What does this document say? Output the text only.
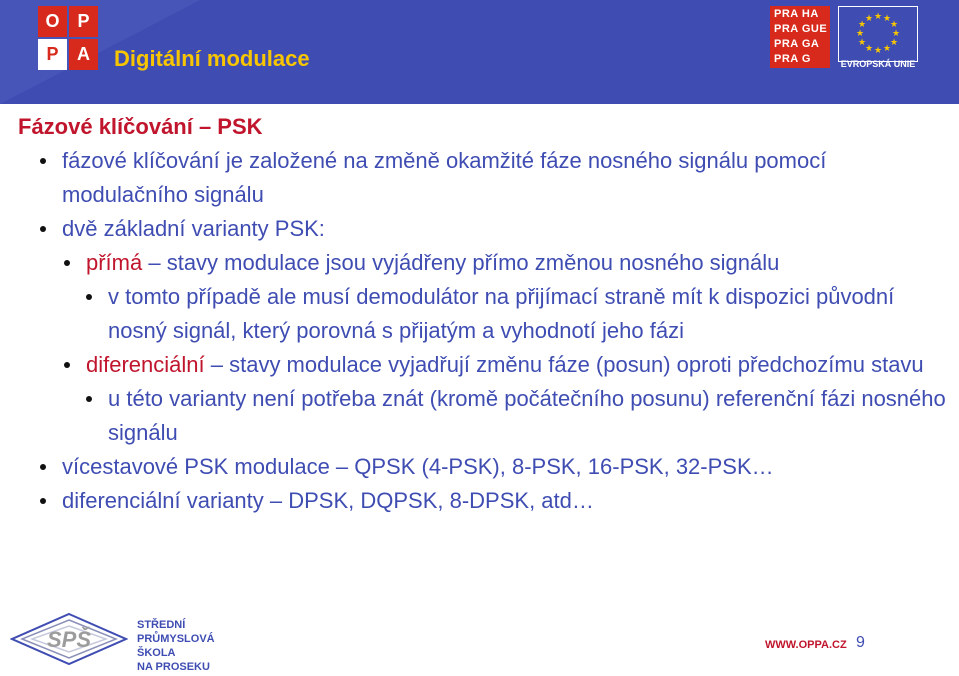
O P
P	A	Digitální modulace
PRA HA
PRA GUE
PRA GA
PRA G
★ ★
★
★
★
★
★
★
★
★
★
★
EVROPSKÁ UNIE
Fázové klíčování – PSK
fázové klíčování je založené na změně okamžité fáze nosného signálu pomocí modulačního signálu
dvě základní varianty PSK:
přímá – stavy modulace jsou vyjádřeny přímo změnou nosného signálu
v tomto případě ale musí demodulátor na přijímací straně mít k dispozici původní nosný signál, který porovná s přijatým a vyhodnotí jeho fázi
diferenciální – stavy modulace vyjadřují změnu fáze (posun) oproti předchozímu stavu
u této varianty není potřeba znát (kromě počátečního posunu) referenční fázi nosného signálu
vícestavové PSK modulace – QPSK (4-PSK), 8-PSK, 16-PSK, 32-PSK…
diferenciální varianty – DPSK, DQPSK, 8-DPSK, atd…
SPŠ
STŘEDNÍ
PRŮMYSLOVÁ
ŠKOLA
NA PROSEKU
WWW.OPPA.CZ 9
